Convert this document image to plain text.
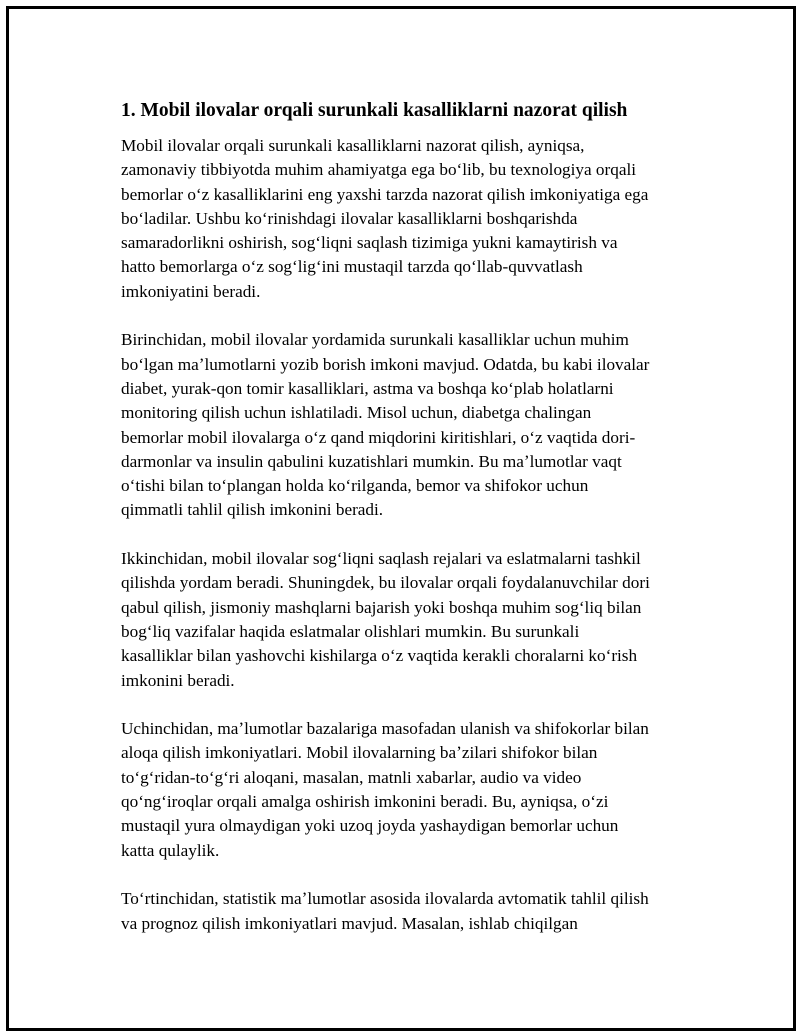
1. Mobil ilovalar orqali surunkali kasalliklarni nazorat qilish
Mobil ilovalar orqali surunkali kasalliklarni nazorat qilish, ayniqsa,
zamonaviy tibbiyotda muhim ahamiyatga ega boʻlib, bu texnologiya orqali
bemorlar oʻz kasalliklarini eng yaxshi tarzda nazorat qilish imkoniyatiga ega
boʻladilar. Ushbu koʻrinishdagi ilovalar kasalliklarni boshqarishda
samaradorlikni oshirish, sogʻliqni saqlash tizimiga yukni kamaytirish va
hatto bemorlarga oʻz sogʻligʻini mustaqil tarzda qoʻllab-quvvatlash
imkoniyatini beradi.
Birinchidan, mobil ilovalar yordamida surunkali kasalliklar uchun muhim
boʻlgan maʼlumotlarni yozib borish imkoni mavjud. Odatda, bu kabi ilovalar
diabet, yurak-qon tomir kasalliklari, astma va boshqa koʻplab holatlarni
monitoring qilish uchun ishlatiladi. Misol uchun, diabetga chalingan
bemorlar mobil ilovalarga oʻz qand miqdorini kiritishlari, oʻz vaqtida dori-
darmonlar va insulin qabulini kuzatishlari mumkin. Bu maʼlumotlar vaqt
oʻtishi bilan toʻplangan holda koʻrilganda, bemor va shifokor uchun
qimmatli tahlil qilish imkonini beradi.
Ikkinchidan, mobil ilovalar sogʻliqni saqlash rejalari va eslatmalarni tashkil
qilishda yordam beradi. Shuningdek, bu ilovalar orqali foydalanuvchilar dori
qabul qilish, jismoniy mashqlarni bajarish yoki boshqa muhim sogʻliq bilan
bogʻliq vazifalar haqida eslatmalar olishlari mumkin. Bu surunkali
kasalliklar bilan yashovchi kishilarga oʻz vaqtida kerakli choralarni koʻrish
imkonini beradi.
Uchinchidan, maʼlumotlar bazalariga masofadan ulanish va shifokorlar bilan
aloqa qilish imkoniyatlari. Mobil ilovalarning baʼzilari shifokor bilan
toʻgʻridan-toʻgʻri aloqani, masalan, matnli xabarlar, audio va video
qoʻngʻiroqlar orqali amalga oshirish imkonini beradi. Bu, ayniqsa, oʻzi
mustaqil yura olmaydigan yoki uzoq joyda yashaydigan bemorlar uchun
katta qulaylik.
Toʻrtinchidan, statistik maʼlumotlar asosida ilovalarda avtomatik tahlil qilish
va prognoz qilish imkoniyatlari mavjud. Masalan, ishlab chiqilgan
